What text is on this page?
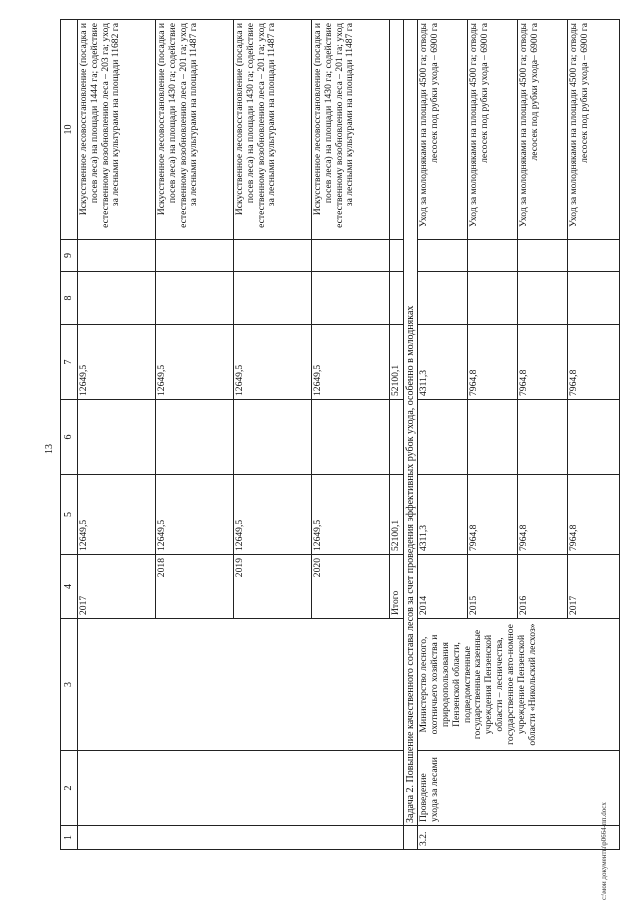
13
1	2	3	4	5	6	7	8	9	10
			2017	12649,5		12649,5			Искусственное лесовосстановление (посадка и посев леса) на площади 1444 га; содействие естественному возобновлению леса – 203 га; уход за лесными культурами на площади 11682 га
			2018	12649,5		12649,5			Искусственное лесовосстановление (посадка и посев леса) на площади 1430 га; содействие естественному возобновлению леса – 201 га; уход за лесными культурами на площади 11487 га
			2019	12649,5		12649,5			Искусственное лесовосстановление (посадка и посев леса) на площади 1430 га; содействие естественному возобновлению леса – 201 га; уход за лесными культурами на площади 11487 га
			2020	12649,5		12649,5			Искусственное лесовосстановление (посадка и посев леса) на площади 1430 га; содействие естественному возобновлению леса – 201 га; уход за лесными культурами на площади 11487 га
			Итого	52100,1		52100,1			
	Задача 2. Повышение качественного состава лесов за счет проведения эффективных рубок ухода, особенно в молодняках								
3.2.	Проведение ухода за лесами	Министерство лесного, охотничьего хозяйства и природопользования Пензенской области, подведомственные государственные казенные учреждения Пензенской области – лесничества, государственное авто-номное учреждение Пензенской области «Никольский лесхоз»	2014	4311,3		4311,3			Уход за молодняками на площади 4500 га; отводы лесосек под рубки ухода – 6900 га
			2015	7964,8		7964,8			Уход за молодняками на площади 4500 га; отводы лесосек под рубки ухода – 6900 га
			2016	7964,8		7964,8			Уход за молодняками на площади 4500 га; отводы лесосек под рубки ухода– 6900 га
			2017	7964,8		7964,8			Уход за молодняками на площади 4500 га; отводы лесосек под рубки ухода – 6900 га
c:\мои документы\р0664-пп.docx
